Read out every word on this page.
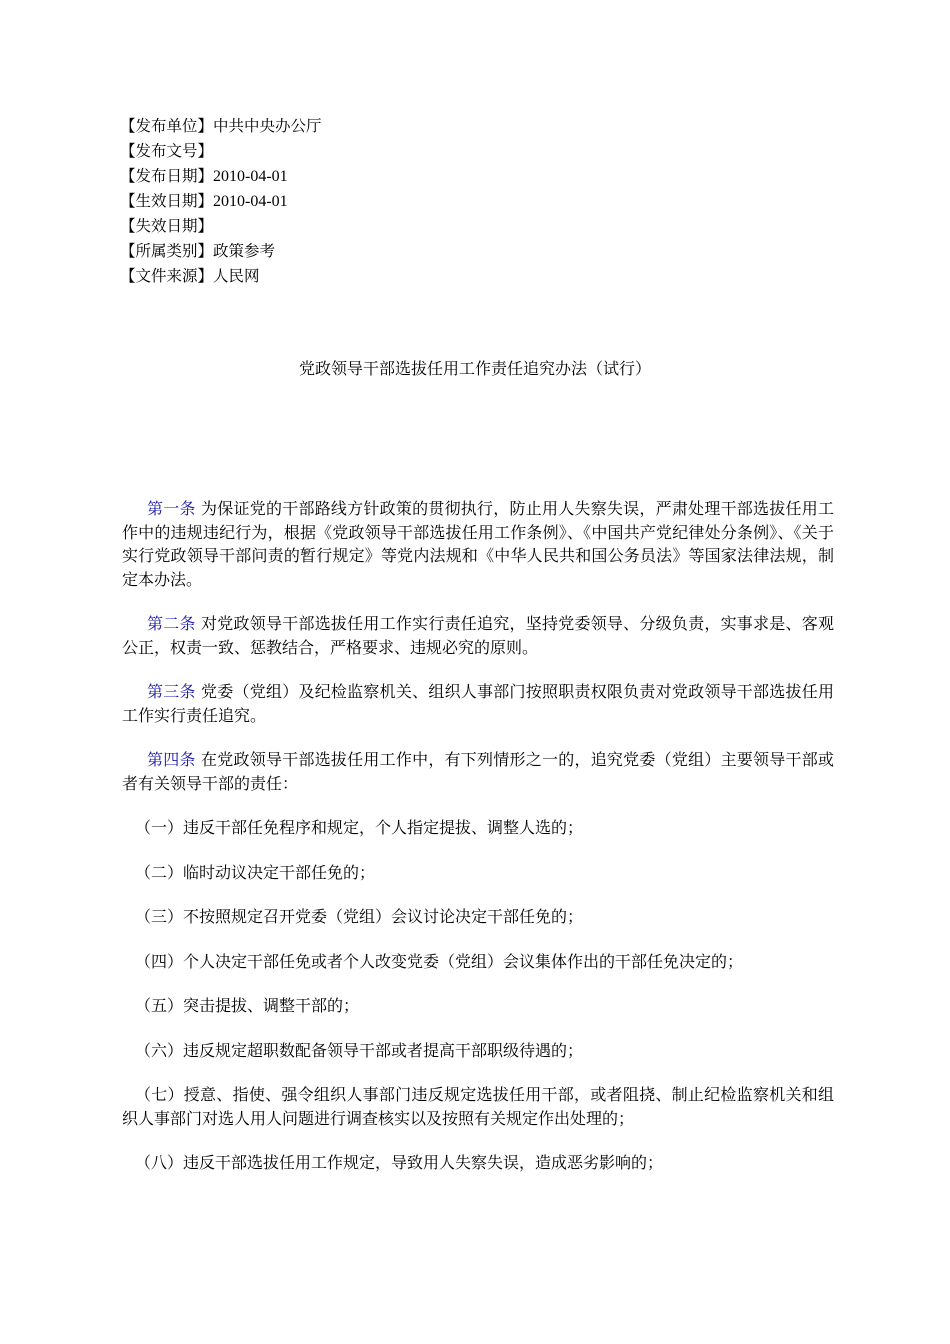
【发布单位】中共中央办公厅
【发布文号】
【发布日期】2010-04-01
【生效日期】2010-04-01
【失效日期】
【所属类别】政策参考
【文件来源】人民网
党政领导干部选拔任用工作责任追究办法（试行）

第一条 为保证党的干部路线方针政策的贯彻执行，防止用人失察失误，严肃处理干部选拔任用工作中的违规违纪行为，根据《党政领导干部选拔任用工作条例》、《中国共产党纪律处分条例》、《关于实行党政领导干部问责的暂行规定》等党内法规和《中华人民共和国公务员法》等国家法律法规，制定本办法。

第二条 对党政领导干部选拔任用工作实行责任追究，坚持党委领导、分级负责，实事求是、客观公正，权责一致、惩教结合，严格要求、违规必究的原则。

第三条 党委（党组）及纪检监察机关、组织人事部门按照职责权限负责对党政领导干部选拔任用工作实行责任追究。

第四条 在党政领导干部选拔任用工作中，有下列情形之一的，追究党委（党组）主要领导干部或者有关领导干部的责任：

（一）违反干部任免程序和规定，个人指定提拔、调整人选的；

（二）临时动议决定干部任免的；

（三）不按照规定召开党委（党组）会议讨论决定干部任免的；

（四）个人决定干部任免或者个人改变党委（党组）会议集体作出的干部任免决定的；

（五）突击提拔、调整干部的；

（六）违反规定超职数配备领导干部或者提高干部职级待遇的；

（七）授意、指使、强令组织人事部门违反规定选拔任用干部，或者阻挠、制止纪检监察机关和组织人事部门对选人用人问题进行调查核实以及按照有关规定作出处理的；

（八）违反干部选拔任用工作规定，导致用人失察失误，造成恶劣影响的；
